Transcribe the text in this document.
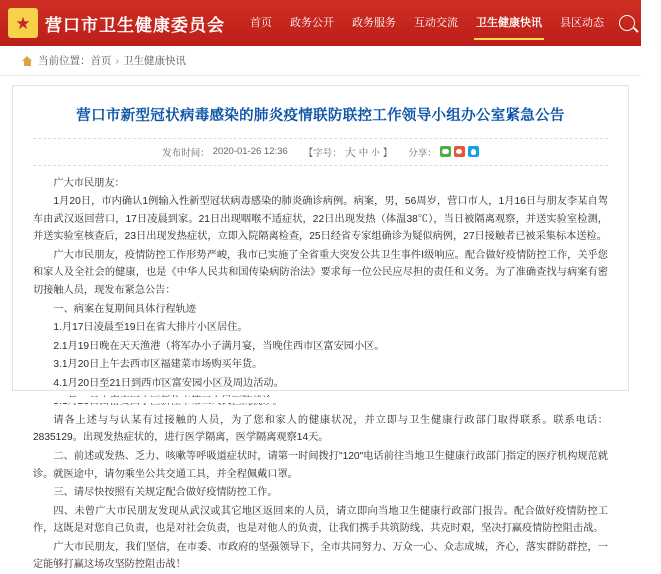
★ 营口市卫生健康委员会	首页	政务公开	政务服务	互动交流	卫生健康快讯	县区动态
当前位置： 首页 › 卫生健康快讯
营口市新型冠状病毒感染的肺炎疫情联防联控工作领导小组办公室紧急公告
发布时间： 2020-01-26 12:36 【字号： 大 中 小 】 分享：

广大市民朋友：

1月20日，市内确认1例输入性新型冠状病毒感染的肺炎确诊病例。病案，男，56周岁，营口市人，1月16日与朋友李某自驾车由武汉返回营口，17日凌晨到家。21日出现咽喉不适症状，22日出现发热（体温38℃），当日被隔离观察，并送实验室检测，并送实验室核查后，23日出现发热症状，立即入院隔离检查，25日经省专家组确诊为疑似病例，27日接触者已被采集标本送检。

广大市民朋友，疫情防控工作形势严峻，我市已实施了全省重大突发公共卫生事件Ⅰ级响应。配合做好疫情防控工作，关乎您和家人及全社会的健康，也是《中华人民共和国传染病防治法》要求每一位公民应尽担的责任和义务。为了准确查找与病案有密切接触人员，现发布紧急公告：

一、病案在复期间具体行程轨迹

1.月17日凌晨至19日在省大排片小区居住。

2.1月19日晚在天天渔港（将军办小子满月宴，当晚住西市区富安园小区。

3.1月20日上午去西市区福建菜市场购买年货。

4.1月20日至21日到西市区富安园小区及周边活动。

请各上述与与认某有过接触的人员，为了您和家人的健康状况，并立即与卫生健康行政部门取得联系。联系电话：2835129。出现发热症状的，进行医学隔离，医学隔离观察14天。

二、前述或发热、乏力、咳嗽等呼吸道症状时，请第一时间拨打"120"电话前往当地卫生健康行政部门指定的医疗机构规范就诊。就医途中，请勿乘坐公共交通工具，并全程佩戴口罩。

三、请尽快按照有关规定配合做好疫情防控工作。

四、未曾广大市民朋友发现从武汉或其它地区返回来的人员，请立即向当地卫生健康行政部门报告。配合做好疫情防控工作，这既是对您自己负责，也是对社会负责，也是对他人的负责，让我们携手共筑防线、共克时艰，坚决打赢疫情防控阻击战。

广大市民朋友，我们坚信，在市委、市政府的坚强领导下，全市共同努力、万众一心、众志成城，齐心，落实群防群控，一定能够打赢这场攻坚防控阻击战！
